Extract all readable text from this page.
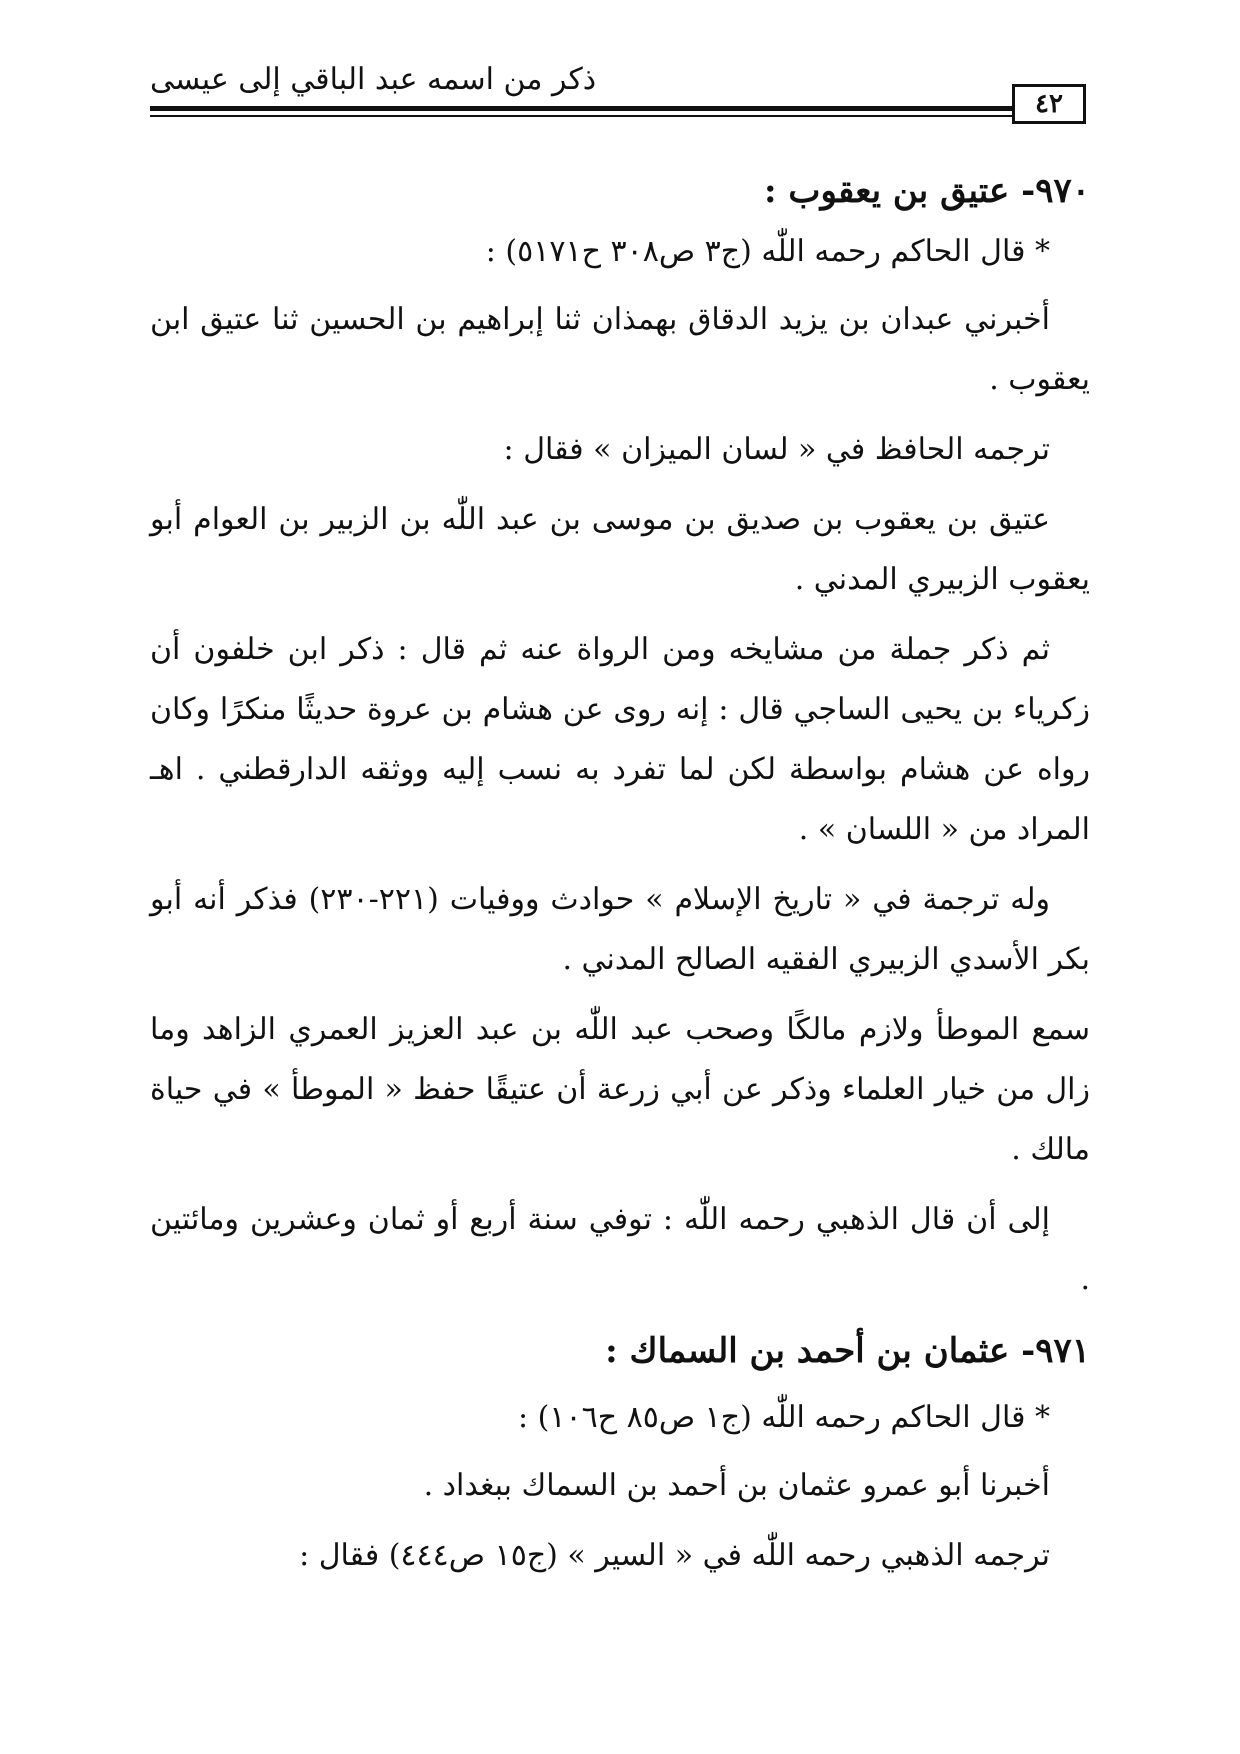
ذكر من اسمه عبد الباقي إلى عيسى
٤٢
٩٧٠- عتيق بن يعقوب :

* قال الحاكم رحمه اللّٰه (ج٣ ص٣٠٨ ح٥١٧١) :

أخبرني عبدان بن يزيد الدقاق بهمذان ثنا إبراهيم بن الحسين ثنا عتيق ابن يعقوب .

ترجمه الحافظ في « لسان الميزان » فقال :

عتيق بن يعقوب بن صديق بن موسى بن عبد اللّٰه بن الزبير بن العوام أبو يعقوب الزبيري المدني .

ثم ذكر جملة من مشايخه ومن الرواة عنه ثم قال : ذكر ابن خلفون أن زكرياء بن يحيى الساجي قال : إنه روى عن هشام بن عروة حديثًا منكرًا وكان رواه عن هشام بواسطة لكن لما تفرد به نسب إليه ووثقه الدارقطني . اهـ المراد من « اللسان » .

وله ترجمة في « تاريخ الإسلام » حوادث ووفيات (٢٢١-٢٣٠) فذكر أنه أبو بكر الأسدي الزبيري الفقيه الصالح المدني .

سمع الموطأ ولازم مالكًا وصحب عبد اللّٰه بن عبد العزيز العمري الزاهد وما زال من خيار العلماء وذكر عن أبي زرعة أن عتيقًا حفظ « الموطأ » في حياة مالك .

إلى أن قال الذهبي رحمه اللّٰه : توفي سنة أربع أو ثمان وعشرين ومائتين .

٩٧١- عثمان بن أحمد بن السماك :

* قال الحاكم رحمه اللّٰه (ج١ ص٨٥ ح١٠٦) :

أخبرنا أبو عمرو عثمان بن أحمد بن السماك ببغداد .

ترجمه الذهبي رحمه اللّٰه في « السير » (ج١٥ ص٤٤٤) فقال :
